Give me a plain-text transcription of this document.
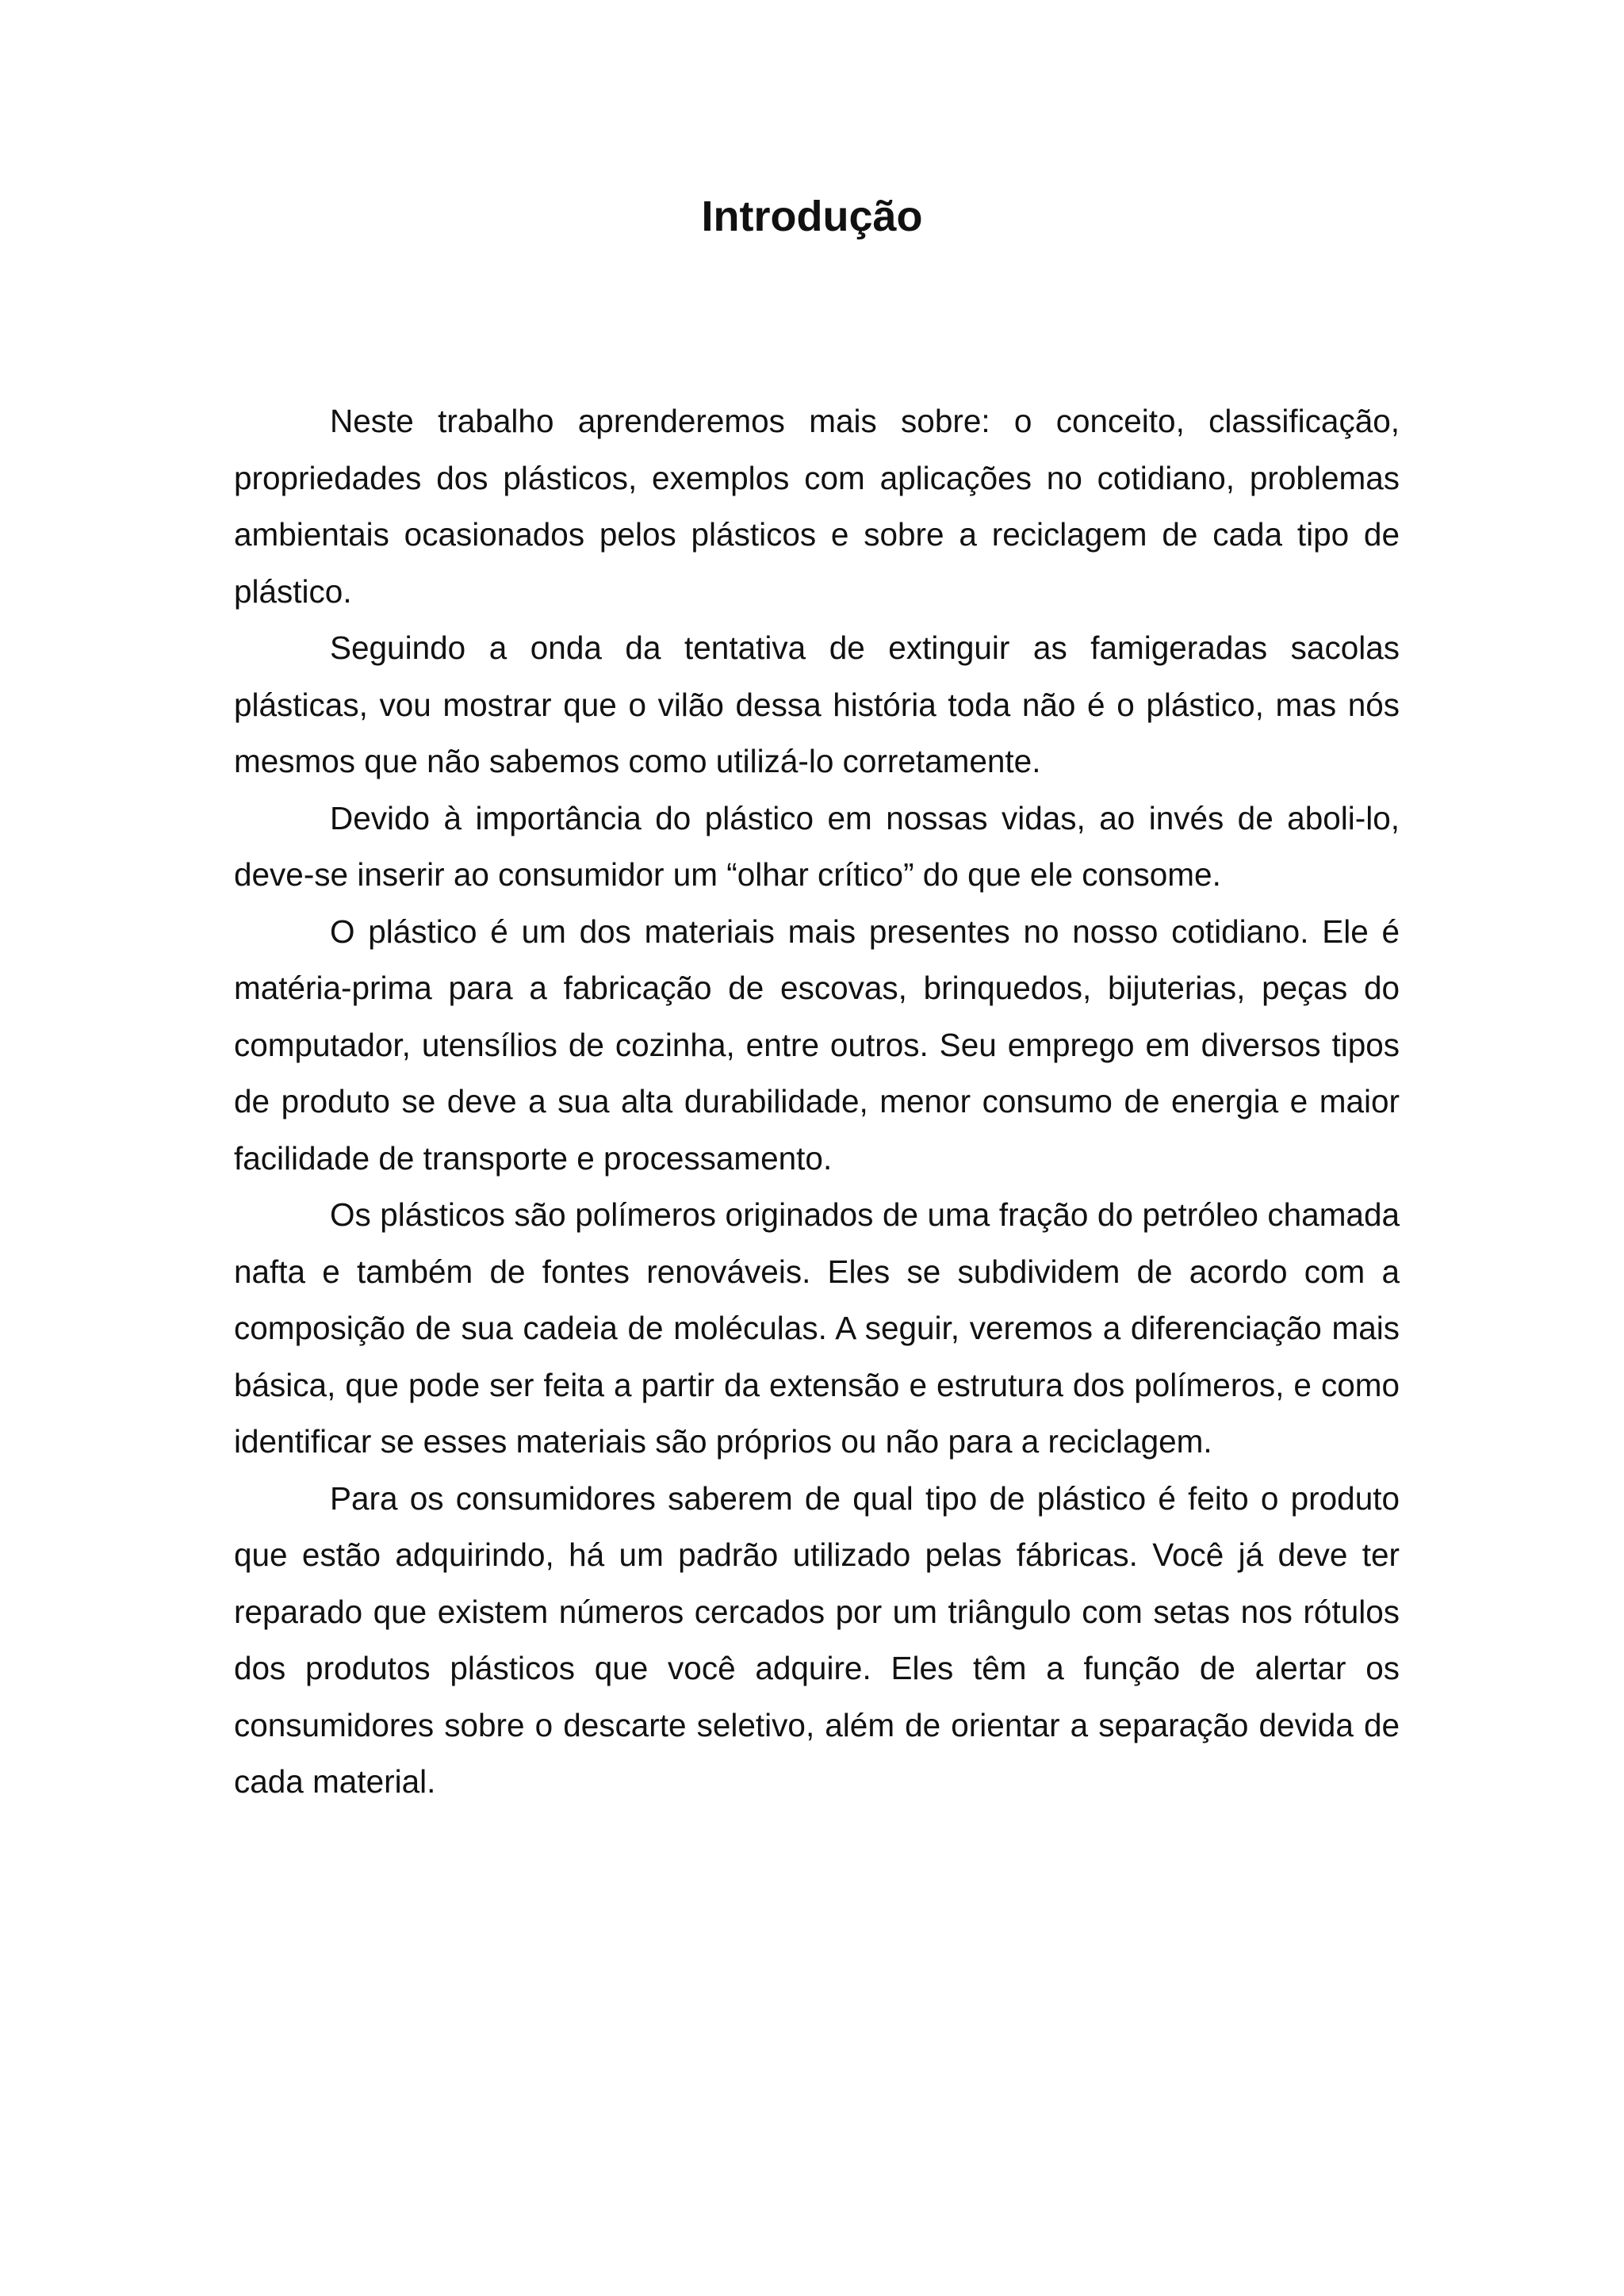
Introdução

Neste trabalho aprenderemos mais sobre: o conceito, classificação, propriedades dos plásticos, exemplos com aplicações no cotidiano, problemas ambientais ocasionados pelos plásticos e sobre a reciclagem de cada tipo de plástico.

Seguindo a onda da tentativa de extinguir as famigeradas sacolas plásticas, vou mostrar que o vilão dessa história toda não é o plástico, mas nós mesmos que não sabemos como utilizá-lo corretamente.

Devido à importância do plástico em nossas vidas, ao invés de aboli-lo, deve-se inserir ao consumidor um “olhar crítico” do que ele consome.

O plástico é um dos materiais mais presentes no nosso cotidiano. Ele é matéria-prima para a fabricação de escovas, brinquedos, bijuterias, peças do computador, utensílios de cozinha, entre outros. Seu emprego em diversos tipos de produto se deve a sua alta durabilidade, menor consumo de energia e maior facilidade de transporte e processamento.

Os plásticos são polímeros originados de uma fração do petróleo chamada nafta e também de fontes renováveis. Eles se subdividem de acordo com a composição de sua cadeia de moléculas. A seguir, veremos a diferenciação mais básica, que pode ser feita a partir da extensão e estrutura dos polímeros, e como identificar se esses materiais são próprios ou não para a reciclagem.

Para os consumidores saberem de qual tipo de plástico é feito o produto que estão adquirindo, há um padrão utilizado pelas fábricas. Você já deve ter reparado que existem números cercados por um triângulo com setas nos rótulos dos produtos plásticos que você adquire. Eles têm a função de alertar os consumidores sobre o descarte seletivo, além de orientar a separação devida de cada material.
